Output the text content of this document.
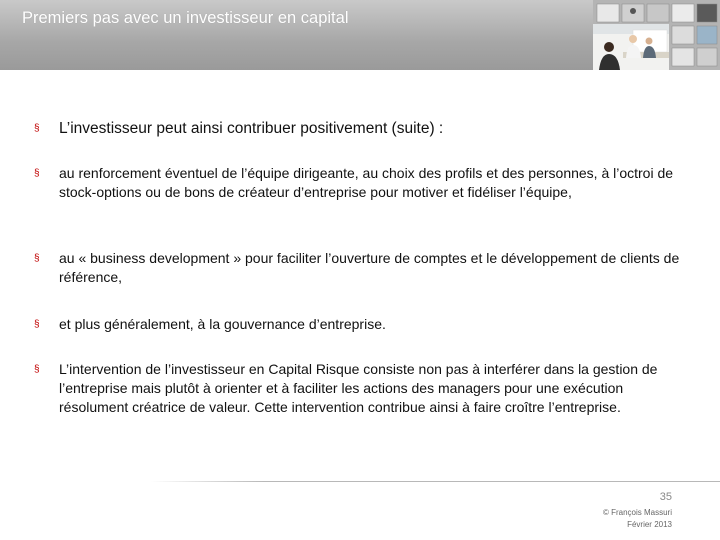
Premiers pas avec un investisseur en capital
§ L’investisseur peut ainsi contribuer positivement (suite) :
§ au renforcement éventuel de l’équipe dirigeante, au choix des profils et des personnes, à l’octroi de stock-options ou de bons de créateur d’entreprise pour motiver et fidéliser l’équipe,
§ au « business development » pour faciliter l’ouverture de comptes et le développement de clients de référence,
§ et plus généralement, à la gouvernance d’entreprise.
§ L’intervention de l’investisseur en Capital Risque consiste non pas à interférer dans la gestion de l’entreprise mais plutôt à orienter et à faciliter les actions des managers pour une exécution résolument créatrice de valeur. Cette intervention contribue ainsi à faire croître l’entreprise.
35
© François Massuri
Février 2013
